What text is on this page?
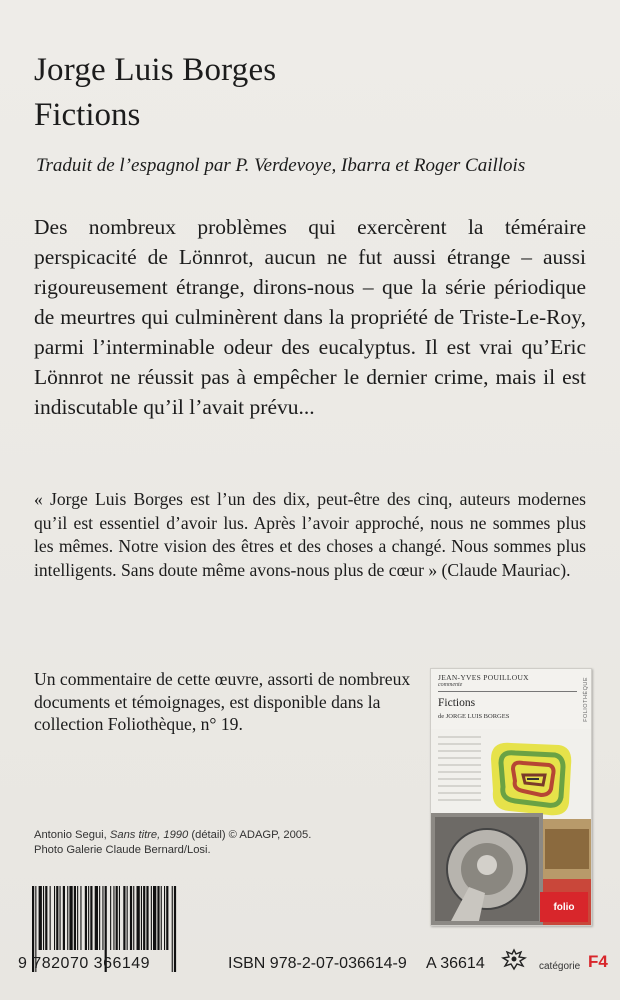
Jorge Luis Borges
Fictions
Traduit de l’espagnol par P. Verdevoye, Ibarra et Roger Caillois
Des nombreux problèmes qui exercèrent la téméraire perspicacité de Lönnrot, aucun ne fut aussi étrange – aussi rigoureusement étrange, dirons-nous – que la série périodique de meurtres qui culminèrent dans la propriété de Triste-Le-Roy, parmi l’interminable odeur des eucalyptus. Il est vrai qu’Eric Lönnrot ne réussit pas à empêcher le dernier crime, mais il est indiscutable qu’il l’avait prévu...
« Jorge Luis Borges est l’un des dix, peut-être des cinq, auteurs modernes qu’il est essentiel d’avoir lus. Après l’avoir approché, nous ne sommes plus les mêmes. Notre vision des êtres et des choses a changé. Nous sommes plus intelligents. Sans doute même avons-nous plus de cœur » (Claude Mauriac).
Un commentaire de cette œuvre, assorti de nombreux documents et témoignages, est disponible dans la collection Foliothèque, n° 19.
Antonio Segui, Sans titre, 1990 (détail) © ADAGP, 2005.
Photo Galerie Claude Bernard/Losi.
JEAN-YVES POUILLOUX
commente
Fictions
de JORGE LUIS BORGES	FOLIOTHÈQUE
folio
9 782070 366149	ISBN 978-2-07-036614-9 A 36614	catégorie F4
